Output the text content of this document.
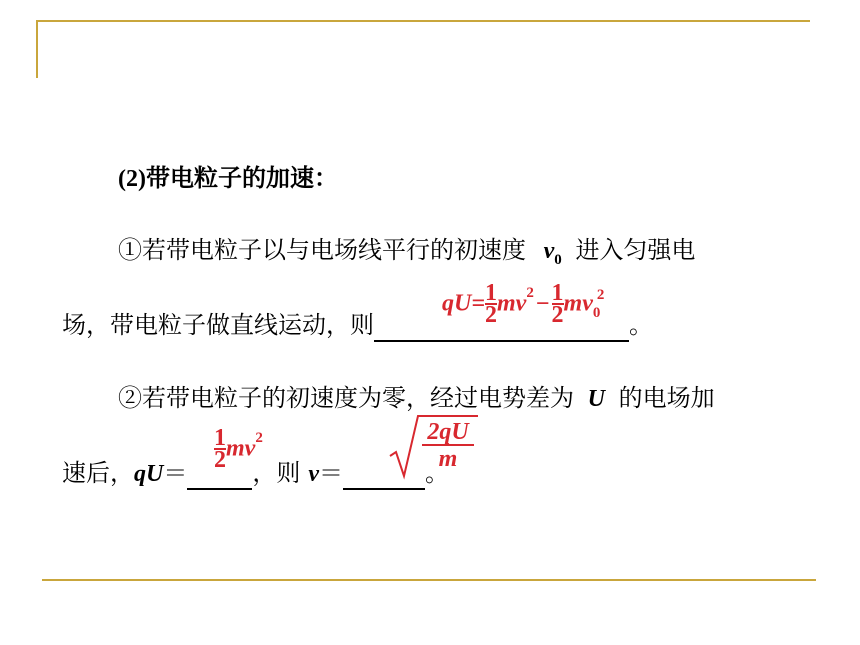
(2)带电粒子的加速：
①若带电粒子以与电场线平行的初速度 $v_0$ 进入匀强电
场，带电粒子做直线运动，则	。
$qU= \frac{1}{2} mv^2- \frac{1}{2}$ mv 2
0
②若带电粒子的初速度为零，经过电势差为 U 的电场加
速后，qU＝	，则 v＝	。
$\frac{1}{2} mv^2$	$\frac{2qU}{m}$
